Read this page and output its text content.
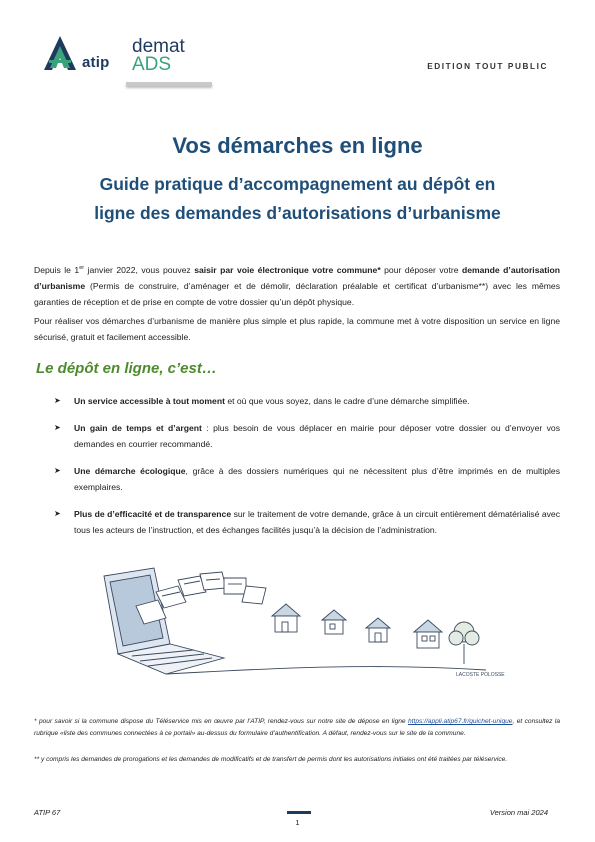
atip
demat
ADS	EDITION TOUT PUBLIC
Vos démarches en ligne
Guide pratique d’accompagnement au dépôt en
ligne des demandes d’autorisations d’urbanisme
Depuis le 1er janvier 2022, vous pouvez saisir par voie électronique votre commune* pour déposer votre demande d’autorisation d’urbanisme (Permis de construire, d’aménager et de démolir, déclaration préalable et certificat d’urbanisme**) avec les mêmes garanties de réception et de prise en compte de votre dossier qu’un dépôt physique.
Pour réaliser vos démarches d’urbanisme de manière plus simple et plus rapide, la commune met à votre disposition un service en ligne sécurisé, gratuit et facilement accessible.
Le dépôt en ligne, c’est…
➤ Un service accessible à tout moment et où que vous soyez, dans le cadre d’une démarche simplifiée.
➤ Un gain de temps et d’argent : plus besoin de vous déplacer en mairie pour déposer votre dossier ou d’envoyer vos demandes en courrier recommandé.
➤ Une démarche écologique, grâce à des dossiers numériques qui ne nécessitent plus d’être imprimés en de multiples exemplaires.
➤ Plus de d’efficacité et de transparence sur le traitement de votre demande, grâce à un circuit entièrement dématérialisé avec tous les acteurs de l’instruction, et des échanges facilités jusqu’à la décision de l’administration.
LACOSTE POLOSSE
* pour savoir si la commune dispose du Téléservice mis en œuvre par l’ATIP, rendez-vous sur notre site de dépose en ligne https://appli.atip67.fr/guichet-unique, et consultez la rubrique «liste des communes connectées à ce portail» au-dessus du formulaire d’authentification. A défaut, rendez-vous sur le site de la commune.
** y compris les demandes de prorogations et les demandes de modificatifs et de transfert de permis dont les autorisations initiales ont été traitées par téléservice.
ATIP 67
1
Version mai 2024
